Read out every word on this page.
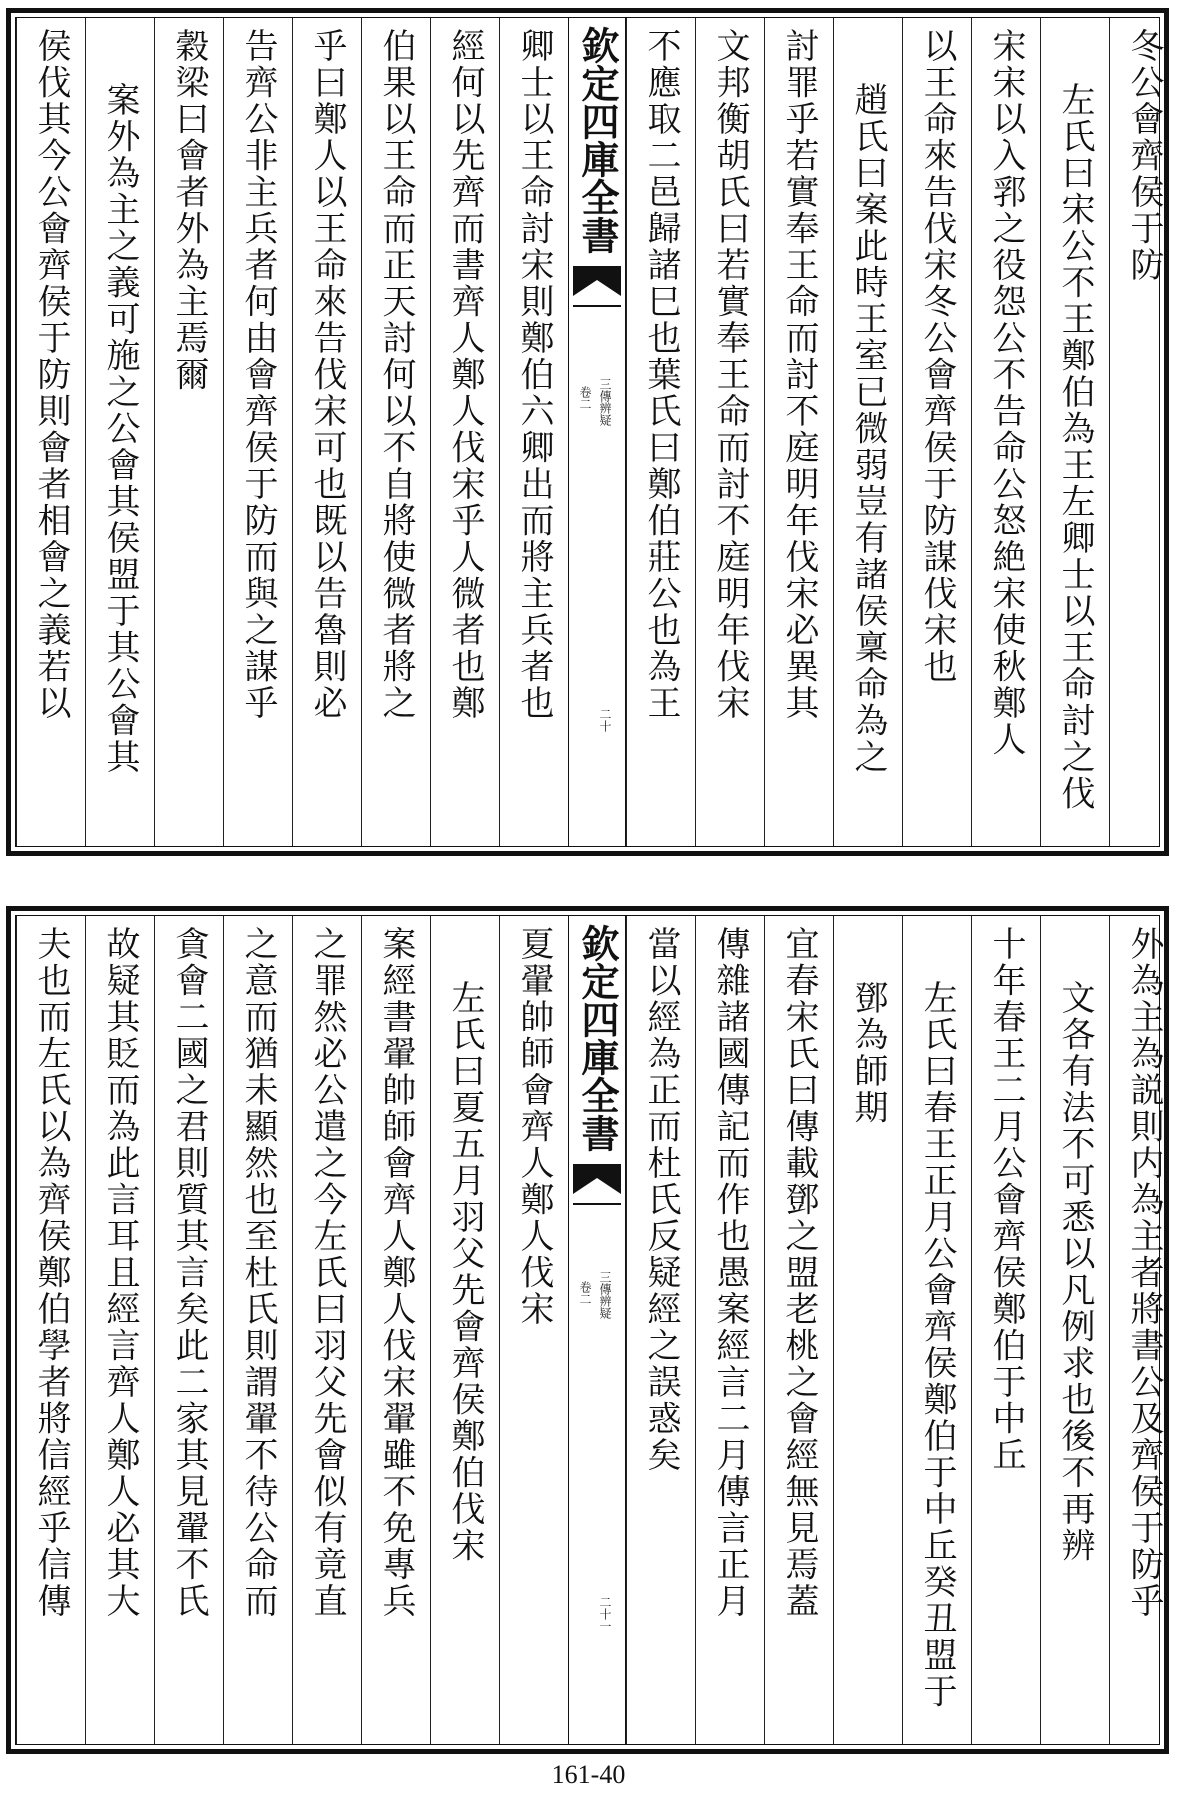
冬公會齊侯于防
左氏曰宋公不王鄭伯為王左卿士以王命討之伐
宋宋以入郛之役怨公不告命公怒絶宋使秋鄭人
以王命來告伐宋冬公會齊侯于防謀伐宋也
趙氏曰案此時王室已微弱豈有諸侯稟命為之
討罪乎若實奉王命而討不庭明年伐宋必異其
文邦衡胡氏曰若實奉王命而討不庭明年伐宋
不應取二邑歸諸巳也葉氏曰鄭伯莊公也為王
欽定四庫全書
三傳辨疑
卷二
二十
卿士以王命討宋則鄭伯六卿出而將主兵者也
經何以先齊而書齊人鄭人伐宋乎人微者也鄭
伯果以王命而正天討何以不自將使微者將之
乎曰鄭人以王命來告伐宋可也既以告魯則必
告齊公非主兵者何由會齊侯于防而與之謀乎
穀梁曰會者外為主焉爾
案外為主之義可施之公會其侯盟于其公會其
侯伐其今公會齊侯于防則會者相會之義若以
外為主為説則内為主者將書公及齊侯于防乎
文各有法不可悉以凡例求也後不再辨
十年春王二月公會齊侯鄭伯于中丘
左氏曰春王正月公會齊侯鄭伯于中丘癸丑盟于
鄧為師期
宜春宋氏曰傳載鄧之盟老桃之會經無見焉蓋
傳雜諸國傳記而作也愚案經言二月傳言正月
當以經為正而杜氏反疑經之誤惑矣
欽定四庫全書
三傳辨疑
卷二
二十一
夏翬帥師會齊人鄭人伐宋
左氏曰夏五月羽父先會齊侯鄭伯伐宋
案經書翬帥師會齊人鄭人伐宋翬雖不免專兵
之罪然必公遣之今左氏曰羽父先會似有竟直
之意而猶未顯然也至杜氏則謂翬不待公命而
貪會二國之君則質其言矣此二家其見翬不氏
故疑其貶而為此言耳且經言齊人鄭人必其大
夫也而左氏以為齊侯鄭伯學者將信經乎信傳
161-40
